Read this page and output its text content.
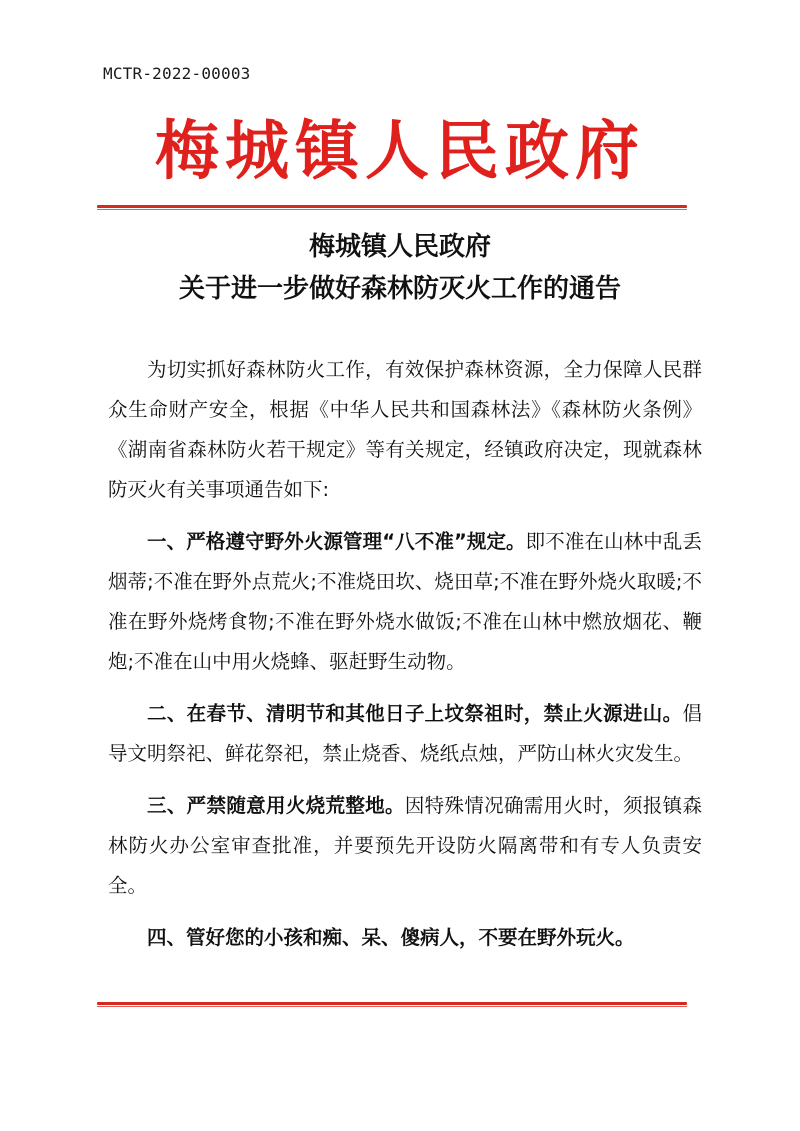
MCTR-2022-00003
梅城镇人民政府
梅城镇人民政府
关于进一步做好森林防灭火工作的通告

为切实抓好森林防火工作，有效保护森林资源，全力保障人民群众生命财产安全，根据《中华人民共和国森林法》《森林防火条例》《湖南省森林防火若干规定》等有关规定，经镇政府决定，现就森林防灭火有关事项通告如下:

一、严格遵守野外火源管理“八不准”规定。即不准在山林中乱丢烟蒂;不准在野外点荒火;不准烧田坎、烧田草;不准在野外烧火取暖;不准在野外烧烤食物;不准在野外烧水做饭;不准在山林中燃放烟花、鞭炮;不准在山中用火烧蜂、驱赶野生动物。

二、在春节、清明节和其他日子上坟祭祖时，禁止火源进山。倡导文明祭祀、鲜花祭祀，禁止烧香、烧纸点烛，严防山林火灾发生。

三、严禁随意用火烧荒整地。因特殊情况确需用火时，须报镇森林防火办公室审查批准，并要预先开设防火隔离带和有专人负责安全。

四、管好您的小孩和痴、呆、傻病人，不要在野外玩火。
